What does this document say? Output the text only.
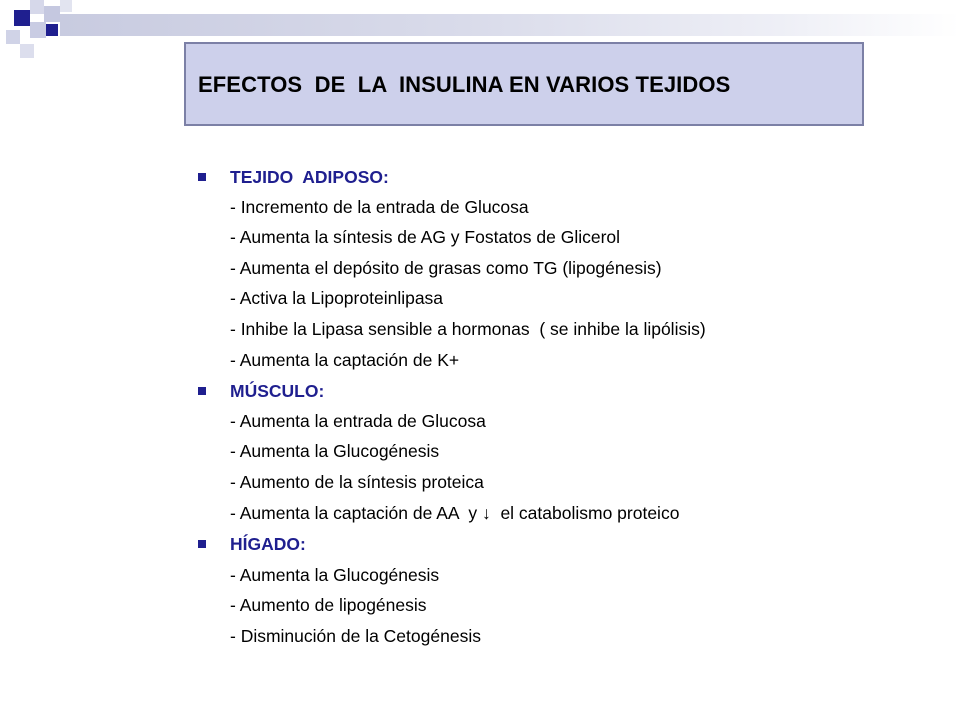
EFECTOS  DE  LA  INSULINA EN VARIOS TEJIDOS
TEJIDO  ADIPOSO:
- Incremento de la entrada de Glucosa
- Aumenta la síntesis de AG y Fostatos de Glicerol
- Aumenta el depósito de grasas como TG (lipogénesis)
- Activa la Lipoproteinlipasa
- Inhibe la Lipasa sensible a hormonas  ( se inhibe la lipólisis)
- Aumenta la captación de K+
MÚSCULO:
- Aumenta la entrada de Glucosa
- Aumenta la Glucogénesis
- Aumento de la síntesis proteica
- Aumenta la captación de AA  y ↓  el catabolismo proteico
HÍGADO:
- Aumenta la Glucogénesis
- Aumento de lipogénesis
- Disminución de la Cetogénesis
